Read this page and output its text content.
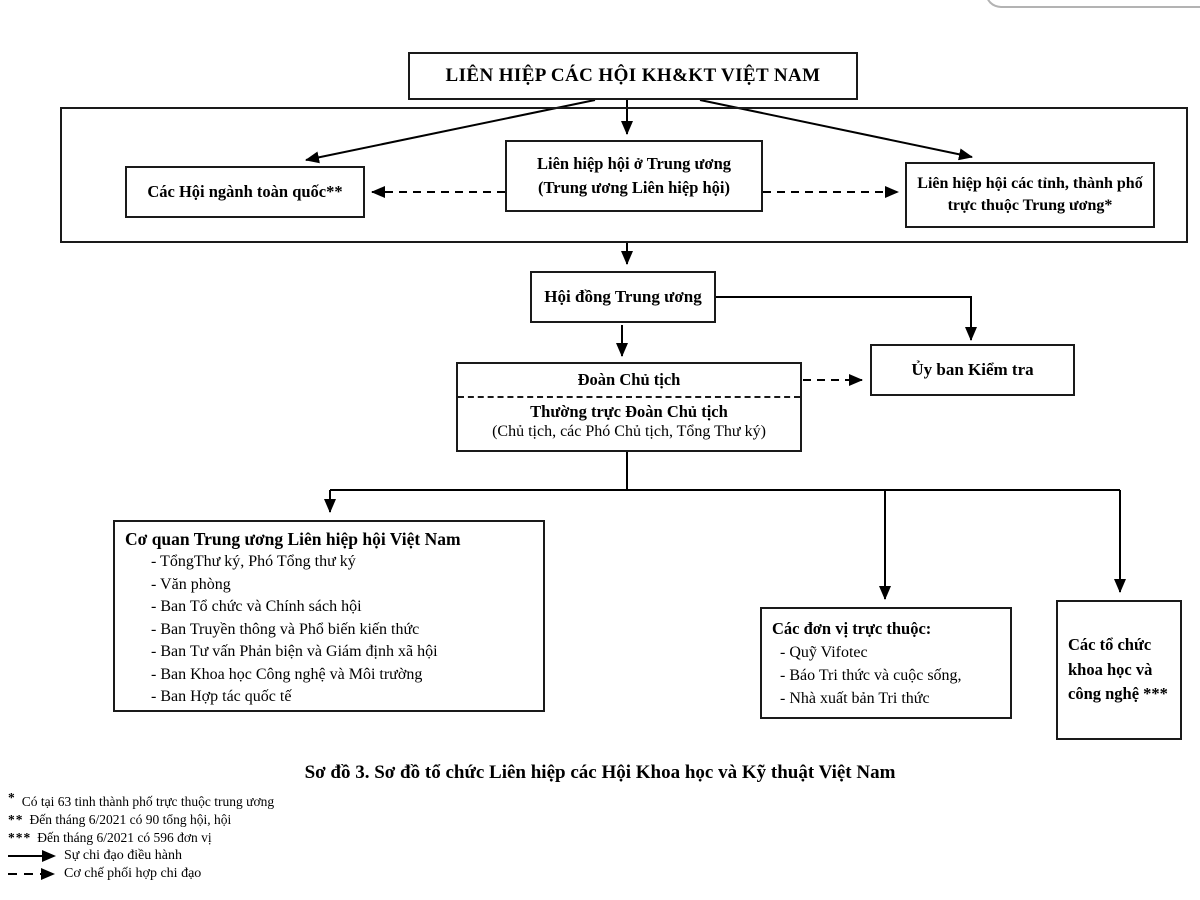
LIÊN HIỆP CÁC HỘI KH&KT VIỆT NAM
Các Hội ngành toàn quốc**
Liên hiệp hội ở Trung ương
(Trung ương Liên hiệp hội)	Liên hiệp hội các tỉnh, thành phố trực thuộc Trung ương*
Hội đồng Trung ương
Ủy ban Kiểm tra
Đoàn Chủ tịch
Thường trực Đoàn Chủ tịch
(Chủ tịch, các Phó Chủ tịch, Tổng Thư ký)
Cơ quan Trung ương Liên hiệp hội Việt Nam
- TổngThư ký, Phó Tổng thư ký
- Văn phòng
- Ban Tổ chức và Chính sách hội
- Ban Truyền thông và Phổ biến kiến thức
- Ban Tư vấn Phản biện và Giám định xã hội
- Ban Khoa học Công nghệ và Môi trường
- Ban Hợp tác quốc tế
Các đơn vị trực thuộc:
- Quỹ Vifotec
- Báo Tri thức và cuộc sống,
- Nhà xuất bản Tri thức
Các tổ chức khoa học và công nghệ ***
Sơ đồ 3. Sơ đồ tổ chức Liên hiệp các Hội Khoa học và Kỹ thuật Việt Nam
* Có tại 63 tinh thành phố trực thuộc trung ương
** Đến tháng 6/2021 có 90 tổng hội, hội
*** Đến tháng 6/2021 có 596 đơn vị
Sự chi đạo điều hành
Cơ chế phối hợp chi đạo
